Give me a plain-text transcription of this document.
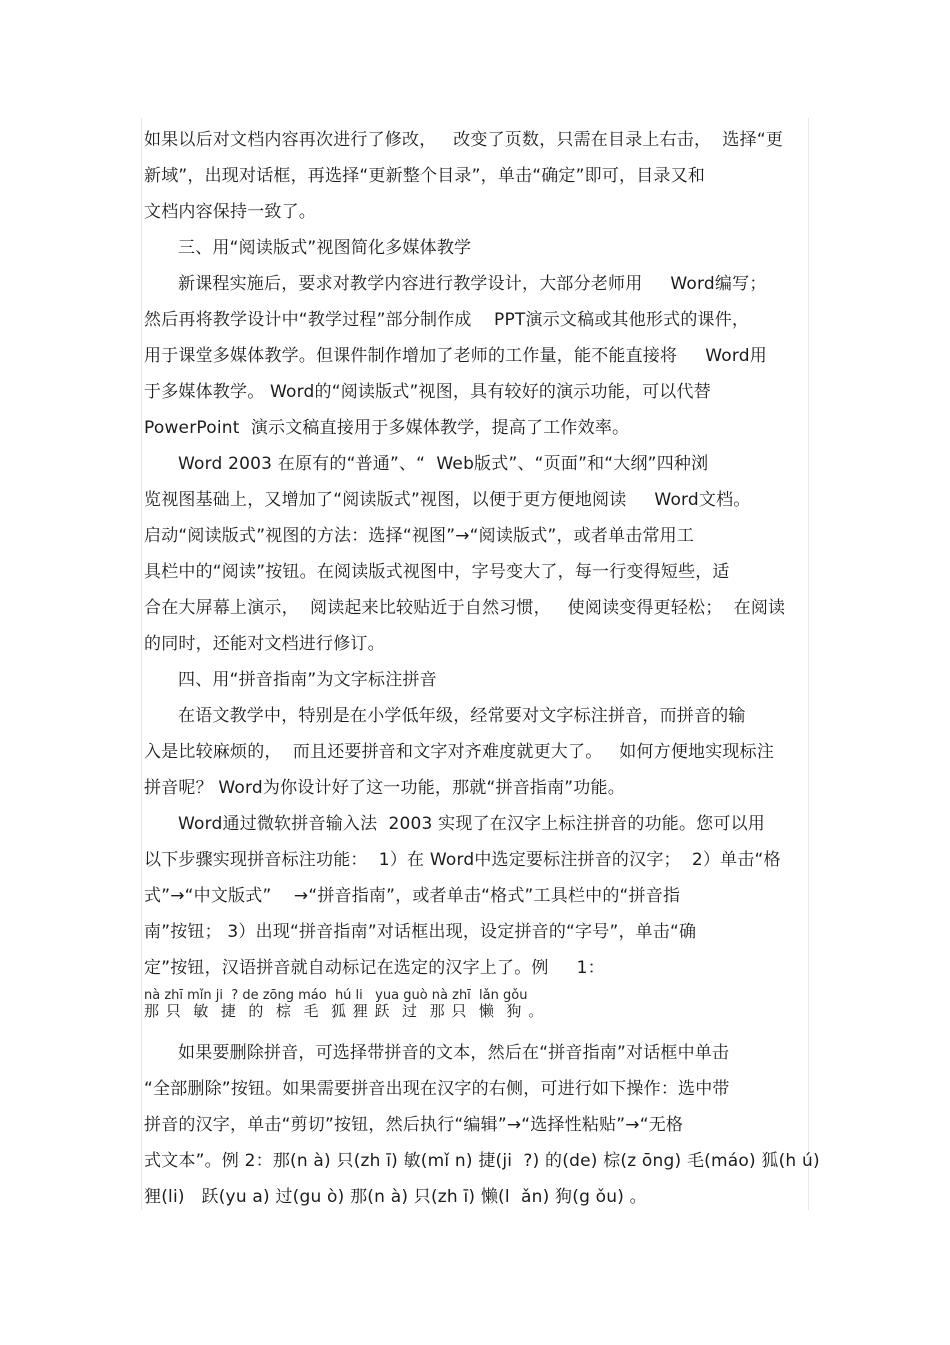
如果以后对文档内容再次进行了修改，   改变了页数，只需在目录上右击，  选择“更
新域”，出现对话框，再选择“更新整个目录”，单击“确定”即可，目录又和
文档内容保持一致了。
三、用“阅读版式”视图简化多媒体教学
新课程实施后，要求对教学内容进行教学设计，大部分老师用     Word编写；
然后再将教学设计中“教学过程”部分制作成    PPT演示文稿或其他形式的课件，
用于课堂多媒体教学。但课件制作增加了老师的工作量，能不能直接将     Word用
于多媒体教学。 Word的“阅读版式”视图，具有较好的演示功能，可以代替
PowerPoint  演示文稿直接用于多媒体教学，提高了工作效率。
Word 2003 在原有的“普通”、“  Web版式”、“页面”和“大纲”四种浏
览视图基础上，又增加了“阅读版式”视图，以便于更方便地阅读     Word文档。
启动“阅读版式”视图的方法：选择“视图”→“阅读版式”，或者单击常用工
具栏中的“阅读”按钮。在阅读版式视图中，字号变大了，每一行变得短些，适
合在大屏幕上演示，  阅读起来比较贴近于自然习惯，   使阅读变得更轻松；  在阅读
的同时，还能对文档进行修订。
四、用“拼音指南”为文字标注拼音
在语文教学中，特别是在小学低年级，经常要对文字标注拼音，而拼音的输
入是比较麻烦的，  而且还要拼音和文字对齐难度就更大了。   如何方便地实现标注
拼音呢？ Word为你设计好了这一功能，那就“拼音指南”功能。
Word通过微软拼音输入法  2003 实现了在汉字上标注拼音的功能。您可以用
以下步骤实现拼音标注功能：  1）在 Word中选定要标注拼音的汉字；  2）单击“格
式”→“中文版式”    →“拼音指南”，或者单击“格式”工具栏中的“拼音指
南”按钮； 3）出现“拼音指南”对话框出现，设定拼音的“字号”，单击“确
定”按钮，汉语拼音就自动标记在选定的汉字上了。例     1：
nà zhī mǐn ji  ? de zōng máo  hú li   yua guò nà zhī  lǎn gǒu
那 只  敏  捷  的  棕  毛  狐 狸 跃  过  那 只  懒  狗 。
如果要删除拼音，可选择带拼音的文本，然后在“拼音指南”对话框中单击
“全部删除”按钮。如果需要拼音出现在汉字的右侧，可进行如下操作：选中带
拼音的汉字，单击“剪切”按钮，然后执行“编辑”→“选择性粘贴”→“无格
式文本”。例 2：那(n à) 只(zh ī) 敏(mǐ n) 捷(ji  ?) 的(de) 棕(z ōng) 毛(máo) 狐(h ú)
狸(li)   跃(yu a) 过(gu ò) 那(n à) 只(zh ī) 懒(l  ǎn) 狗(g ǒu) 。
